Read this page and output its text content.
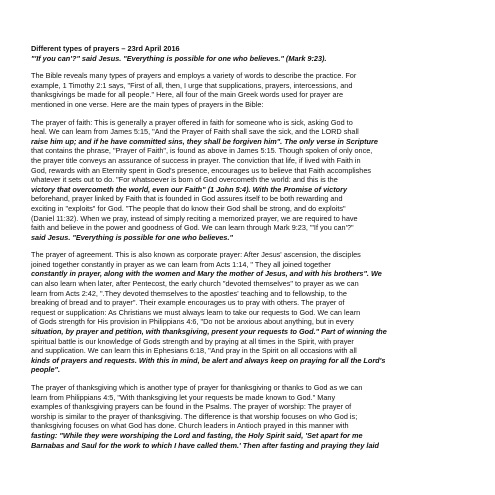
Different types of prayers – 23rd April 2016
"'If you can'?" said Jesus. "Everything is possible for one who believes." (Mark 9:23).
The Bible reveals many types of prayers and employs a variety of words to describe the practice. For
example, 1 Timothy 2:1 says, "First of all, then, I urge that supplications, prayers, intercessions, and
thanksgivings be made for all people." Here, all four of the main Greek words used for prayer are
mentioned in one verse. Here are the main types of prayers in the Bible:
The prayer of faith: This is generally a prayer offered in faith for someone who is sick, asking God to
heal. We can learn from James 5:15, "And the Prayer of Faith shall save the sick, and the LORD shall
raise him up; and if he have committed sins, they shall be forgiven him". The only verse in Scripture
that contains the phrase, "Prayer of Faith", is found as above in James 5:15. Though spoken of only once,
the prayer title conveys an assurance of success in prayer. The conviction that life, if lived with Faith in
God, rewards with an Eternity spent in God's presence, encourages us to believe that Faith accomplishes
whatever it sets out to do. "For whatsoever is born of God overcometh the world: and this is the
victory that overcometh the world, even our Faith" (1 John 5:4). With the Promise of victory
beforehand, prayer linked by Faith that is founded in God assures itself to be both rewarding and
exciting in "exploits" for God. "The people that do know their God shall be strong, and do exploits"
(Daniel 11:32). When we pray, instead of simply reciting a memorized prayer, we are required to have
faith and believe in the power and goodness of God. We can learn through Mark 9:23, "'If you can'?"
said Jesus. "Everything is possible for one who believes."
The prayer of agreement. This is also known as corporate prayer: After Jesus' ascension, the disciples
joined together constantly in prayer as we can learn from Acts 1:14, " They all joined together
constantly in prayer, along with the women and Mary the mother of Jesus, and with his brothers". We
can also learn when later, after Pentecost, the early church "devoted themselves" to prayer as we can
learn from Acts 2:42, ".They devoted themselves to the apostles' teaching and to fellowship, to the
breaking of bread and to prayer". Their example encourages us to pray with others. The prayer of
request or supplication: As Christians we must always learn to take our requests to God. We can learn
of Gods strength for His provision in Philippians 4:6, "Do not be anxious about anything, but in every
situation, by prayer and petition, with thanksgiving, present your requests to God." Part of winning the
spiritual battle is our knowledge of Gods strength and by praying at all times in the Spirit, with prayer
and supplication. We can learn this in Ephesians 6:18, "And pray in the Spirit on all occasions with all
kinds of prayers and requests. With this in mind, be alert and always keep on praying for all the Lord's
people".
The prayer of thanksgiving which is another type of prayer for thanksgiving or thanks to God as we can
learn from Philippians 4:5, "With thanksgiving let your requests be made known to God." Many
examples of thanksgiving prayers can be found in the Psalms. The prayer of worship: The prayer of
worship is similar to the prayer of thanksgiving. The difference is that worship focuses on who God is;
thanksgiving focuses on what God has done. Church leaders in Antioch prayed in this manner with
fasting: "While they were worshiping the Lord and fasting, the Holy Spirit said, 'Set apart for me
Barnabas and Saul for the work to which I have called them.' Then after fasting and praying they laid
